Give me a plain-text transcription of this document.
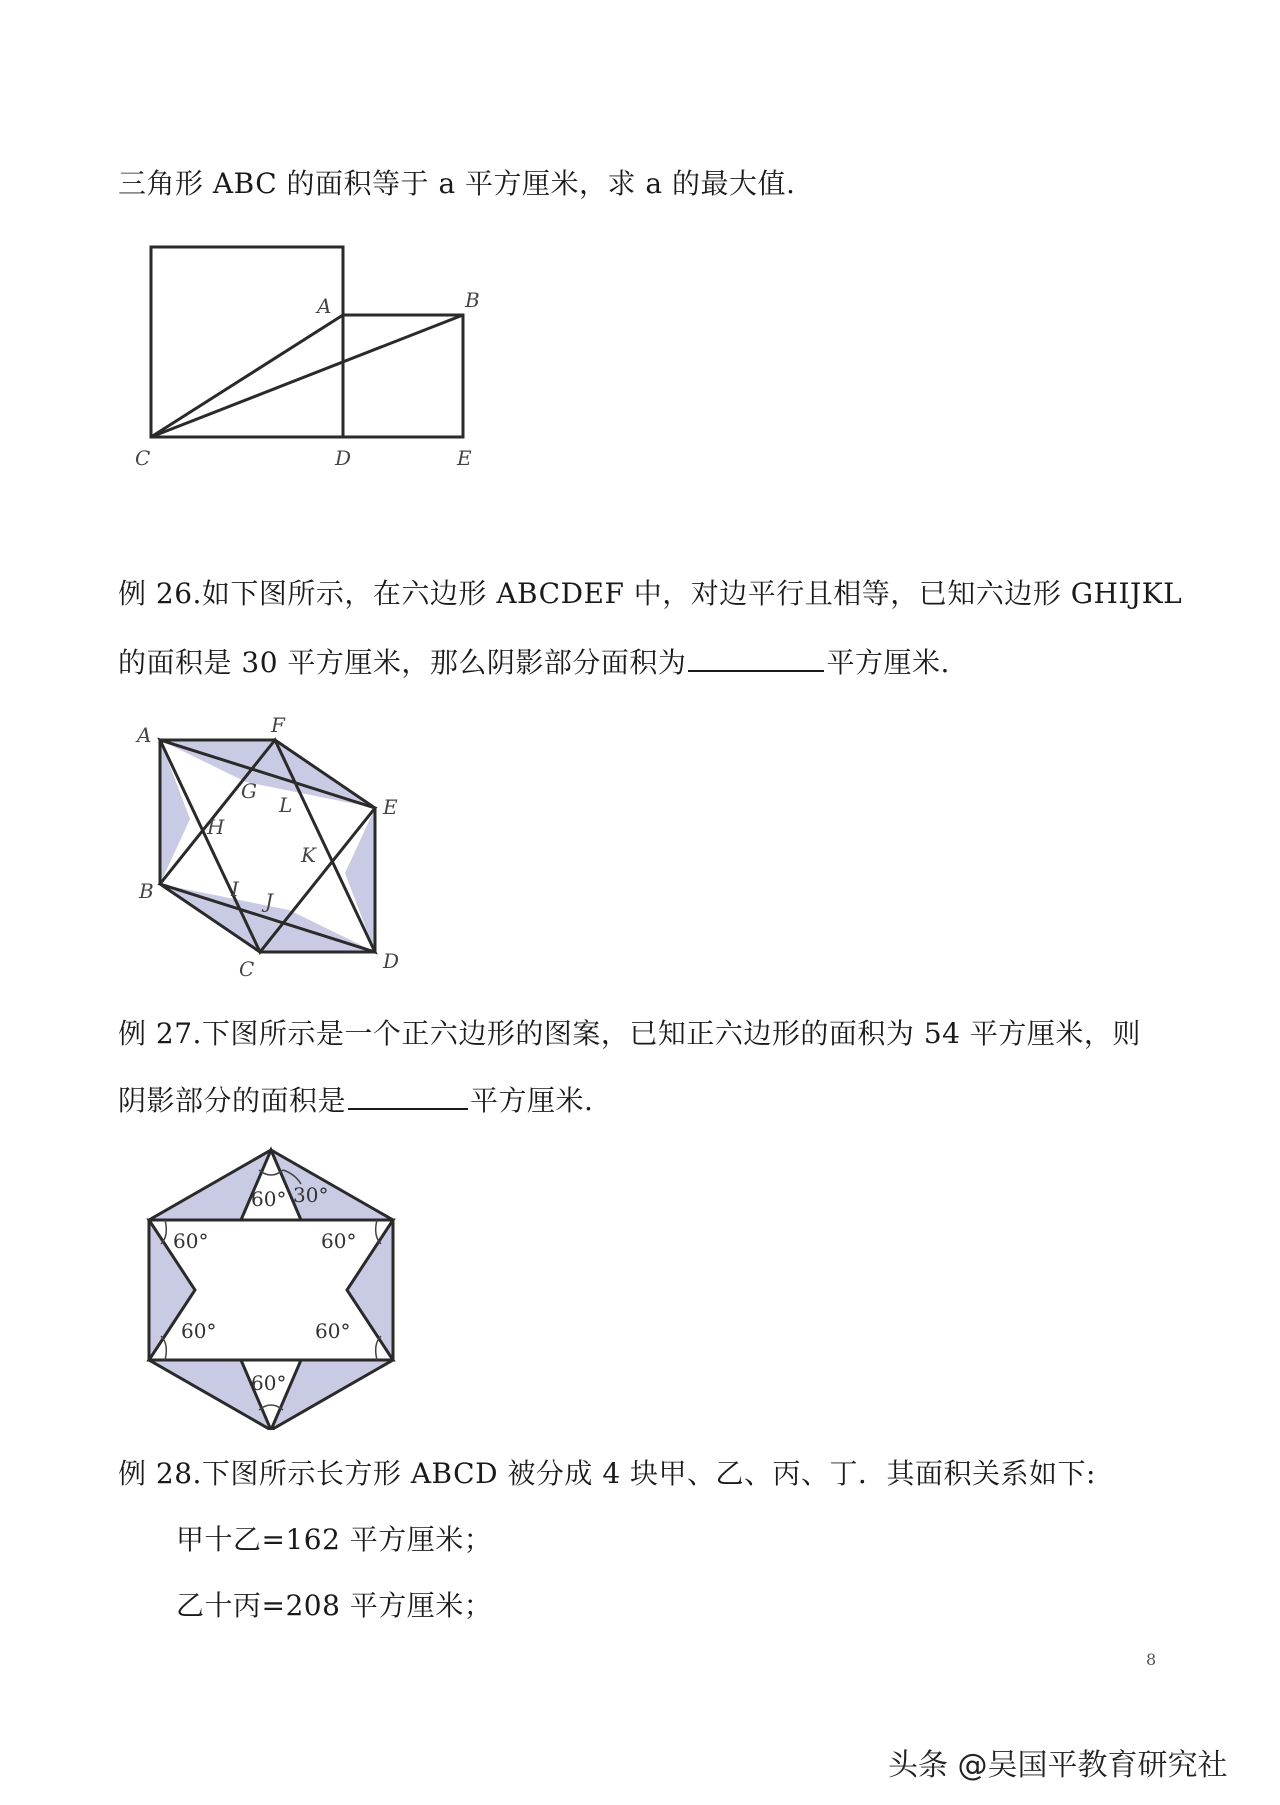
三角形 ABC 的面积等于 a 平方厘米，求 a 的最大值.
A	B
C	D	E
例 26.如下图所示，在六边形 ABCDEF 中，对边平行且相等，已知六边形 GHIJKL
的面积是 30 平方厘米，那么阴影部分面积为	平方厘米.
A	F
E
D
C
B
G
H
I J
K
L
例 27.下图所示是一个正六边形的图案，已知正六边形的面积为 54 平方厘米，则
阴影部分的面积是	平方厘米.
60° 30°
60°	60°
60°	60°
60°
例 28.下图所示长方形 ABCD 被分成 4 块甲、乙、丙、丁．其面积关系如下:
甲十乙=162 平方厘米；
乙十丙=208 平方厘米；
8
头条 @吴国平教育研究社
